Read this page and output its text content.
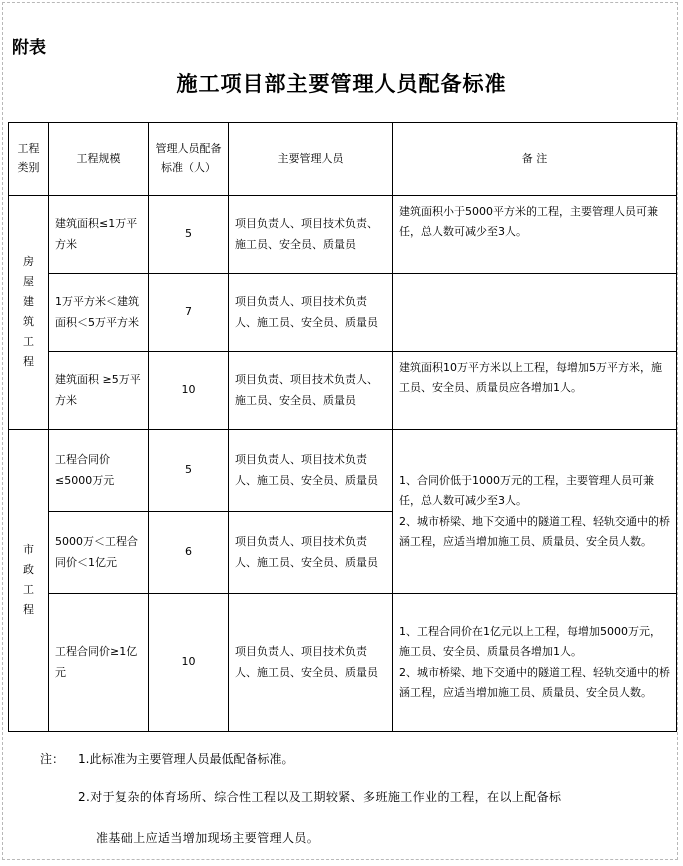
附表
施工项目部主要管理人员配备标准
工程类别	工程规模	管理人员配备标准（人）	主要管理人员	备 注
房屋建筑工程	建筑面积≤1万平方米	5	项目负责人、项目技术负责、施工员、安全员、质量员	建筑面积小于5000平方米的工程，主要管理人员可兼任，总人数可减少至3人。
	1万平方米＜建筑面积＜5万平方米	7	项目负责人、项目技术负责人、施工员、安全员、质量员	
	建筑面积 ≥5万平方米	10	项目负责、项目技术负责人、施工员、安全员、质量员	建筑面积10万平方米以上工程，每增加5万平方米，施工员、安全员、质量员应各增加1人。
市政工程	工程合同价≤5000万元	5	项目负责人、项目技术负责人、施工员、安全员、质量员	1、合同价低于1000万元的工程，主要管理人员可兼任，总人数可减少至3人。
2、城市桥梁、地下交通中的隧道工程、轻轨交通中的桥涵工程，应适当增加施工员、质量员、安全员人数。

	5000万＜工程合同价＜1亿元	6	项目负责人、项目技术负责人、施工员、安全员、质量员	
	工程合同价≥1亿元	10	项目负责人、项目技术负责人、施工员、安全员、质量员	1、工程合同价在1亿元以上工程，每增加5000万元，施工员、安全员、质量员各增加1人。
2、城市桥梁、地下交通中的隧道工程、轻轨交通中的桥涵工程，应适当增加施工员、质量员、安全员人数。
注： 1.此标准为主要管理人员最低配备标准。
2.对于复杂的体育场所、综合性工程以及工期较紧、多班施工作业的工程，在以上配备标
准基础上应适当增加现场主要管理人员。
